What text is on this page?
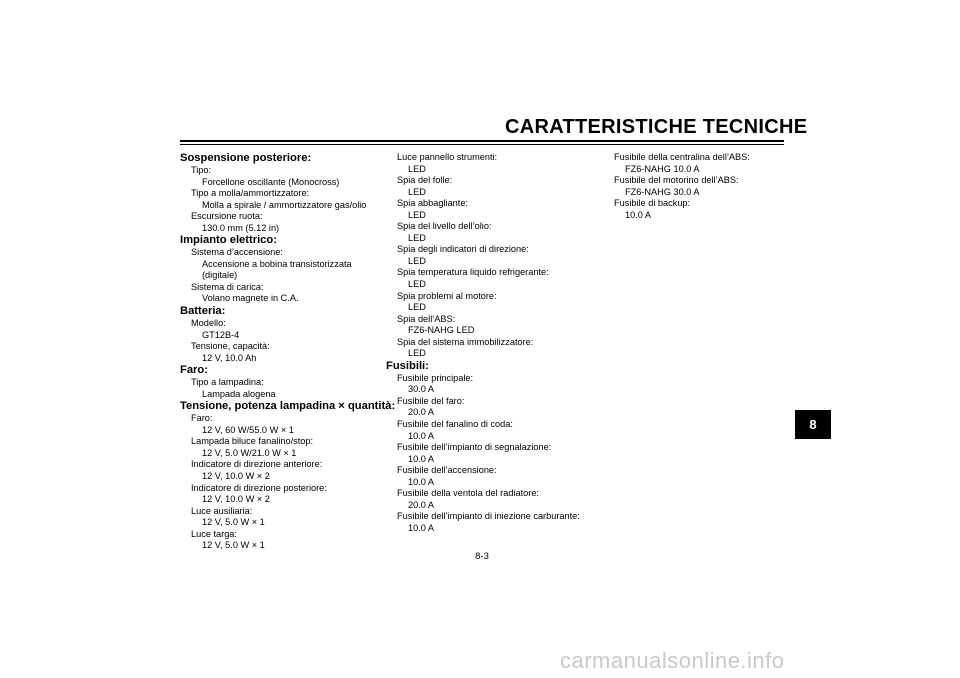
CARATTERISTICHE TECNICHE
Sospensione posteriore:
Tipo:
Forcellone oscillante (Monocross)
Tipo a molla/ammortizzatore:
Molla a spirale / ammortizzatore gas/olio
Escursione ruota:
130.0 mm (5.12 in)
Impianto elettrico:
Sistema d’accensione:
Accensione a bobina transistorizzata (digitale)
Sistema di carica:
Volano magnete in C.A.
Batteria:
Modello:
GT12B-4
Tensione, capacità:
12 V, 10.0 Ah
Faro:
Tipo a lampadina:
Lampada alogena
Tensione, potenza lampadina × quantità:
Faro:
12 V, 60 W/55.0 W × 1
Lampada biluce fanalino/stop:
12 V, 5.0 W/21.0 W × 1
Indicatore di direzione anteriore:
12 V, 10.0 W × 2
Indicatore di direzione posteriore:
12 V, 10.0 W × 2
Luce ausiliaria:
12 V, 5.0 W × 1
Luce targa:
12 V, 5.0 W × 1
Luce pannello strumenti:
LED
Spia del folle:
LED
Spia abbagliante:
LED
Spia del livello dell’olio:
LED
Spia degli indicatori di direzione:
LED
Spia temperatura liquido refrigerante:
LED
Spia problemi al motore:
LED
Spia dell’ABS:
FZ6-NAHG LED
Spia del sistema immobilizzatore:
LED
Fusibili:
Fusibile principale:
30.0 A
Fusibile del faro:
20.0 A
Fusibile del fanalino di coda:
10.0 A
Fusibile dell’impianto di segnalazione:
10.0 A
Fusibile dell’accensione:
10.0 A
Fusibile della ventola del radiatore:
20.0 A
Fusibile dell’impianto di iniezione carburante:
10.0 A
Fusibile della centralina dell’ABS:
FZ6-NAHG 10.0 A
Fusibile del motorino dell’ABS:
FZ6-NAHG 30.0 A
Fusibile di backup:
10.0 A
8
8-3
carmanualsonline.info
